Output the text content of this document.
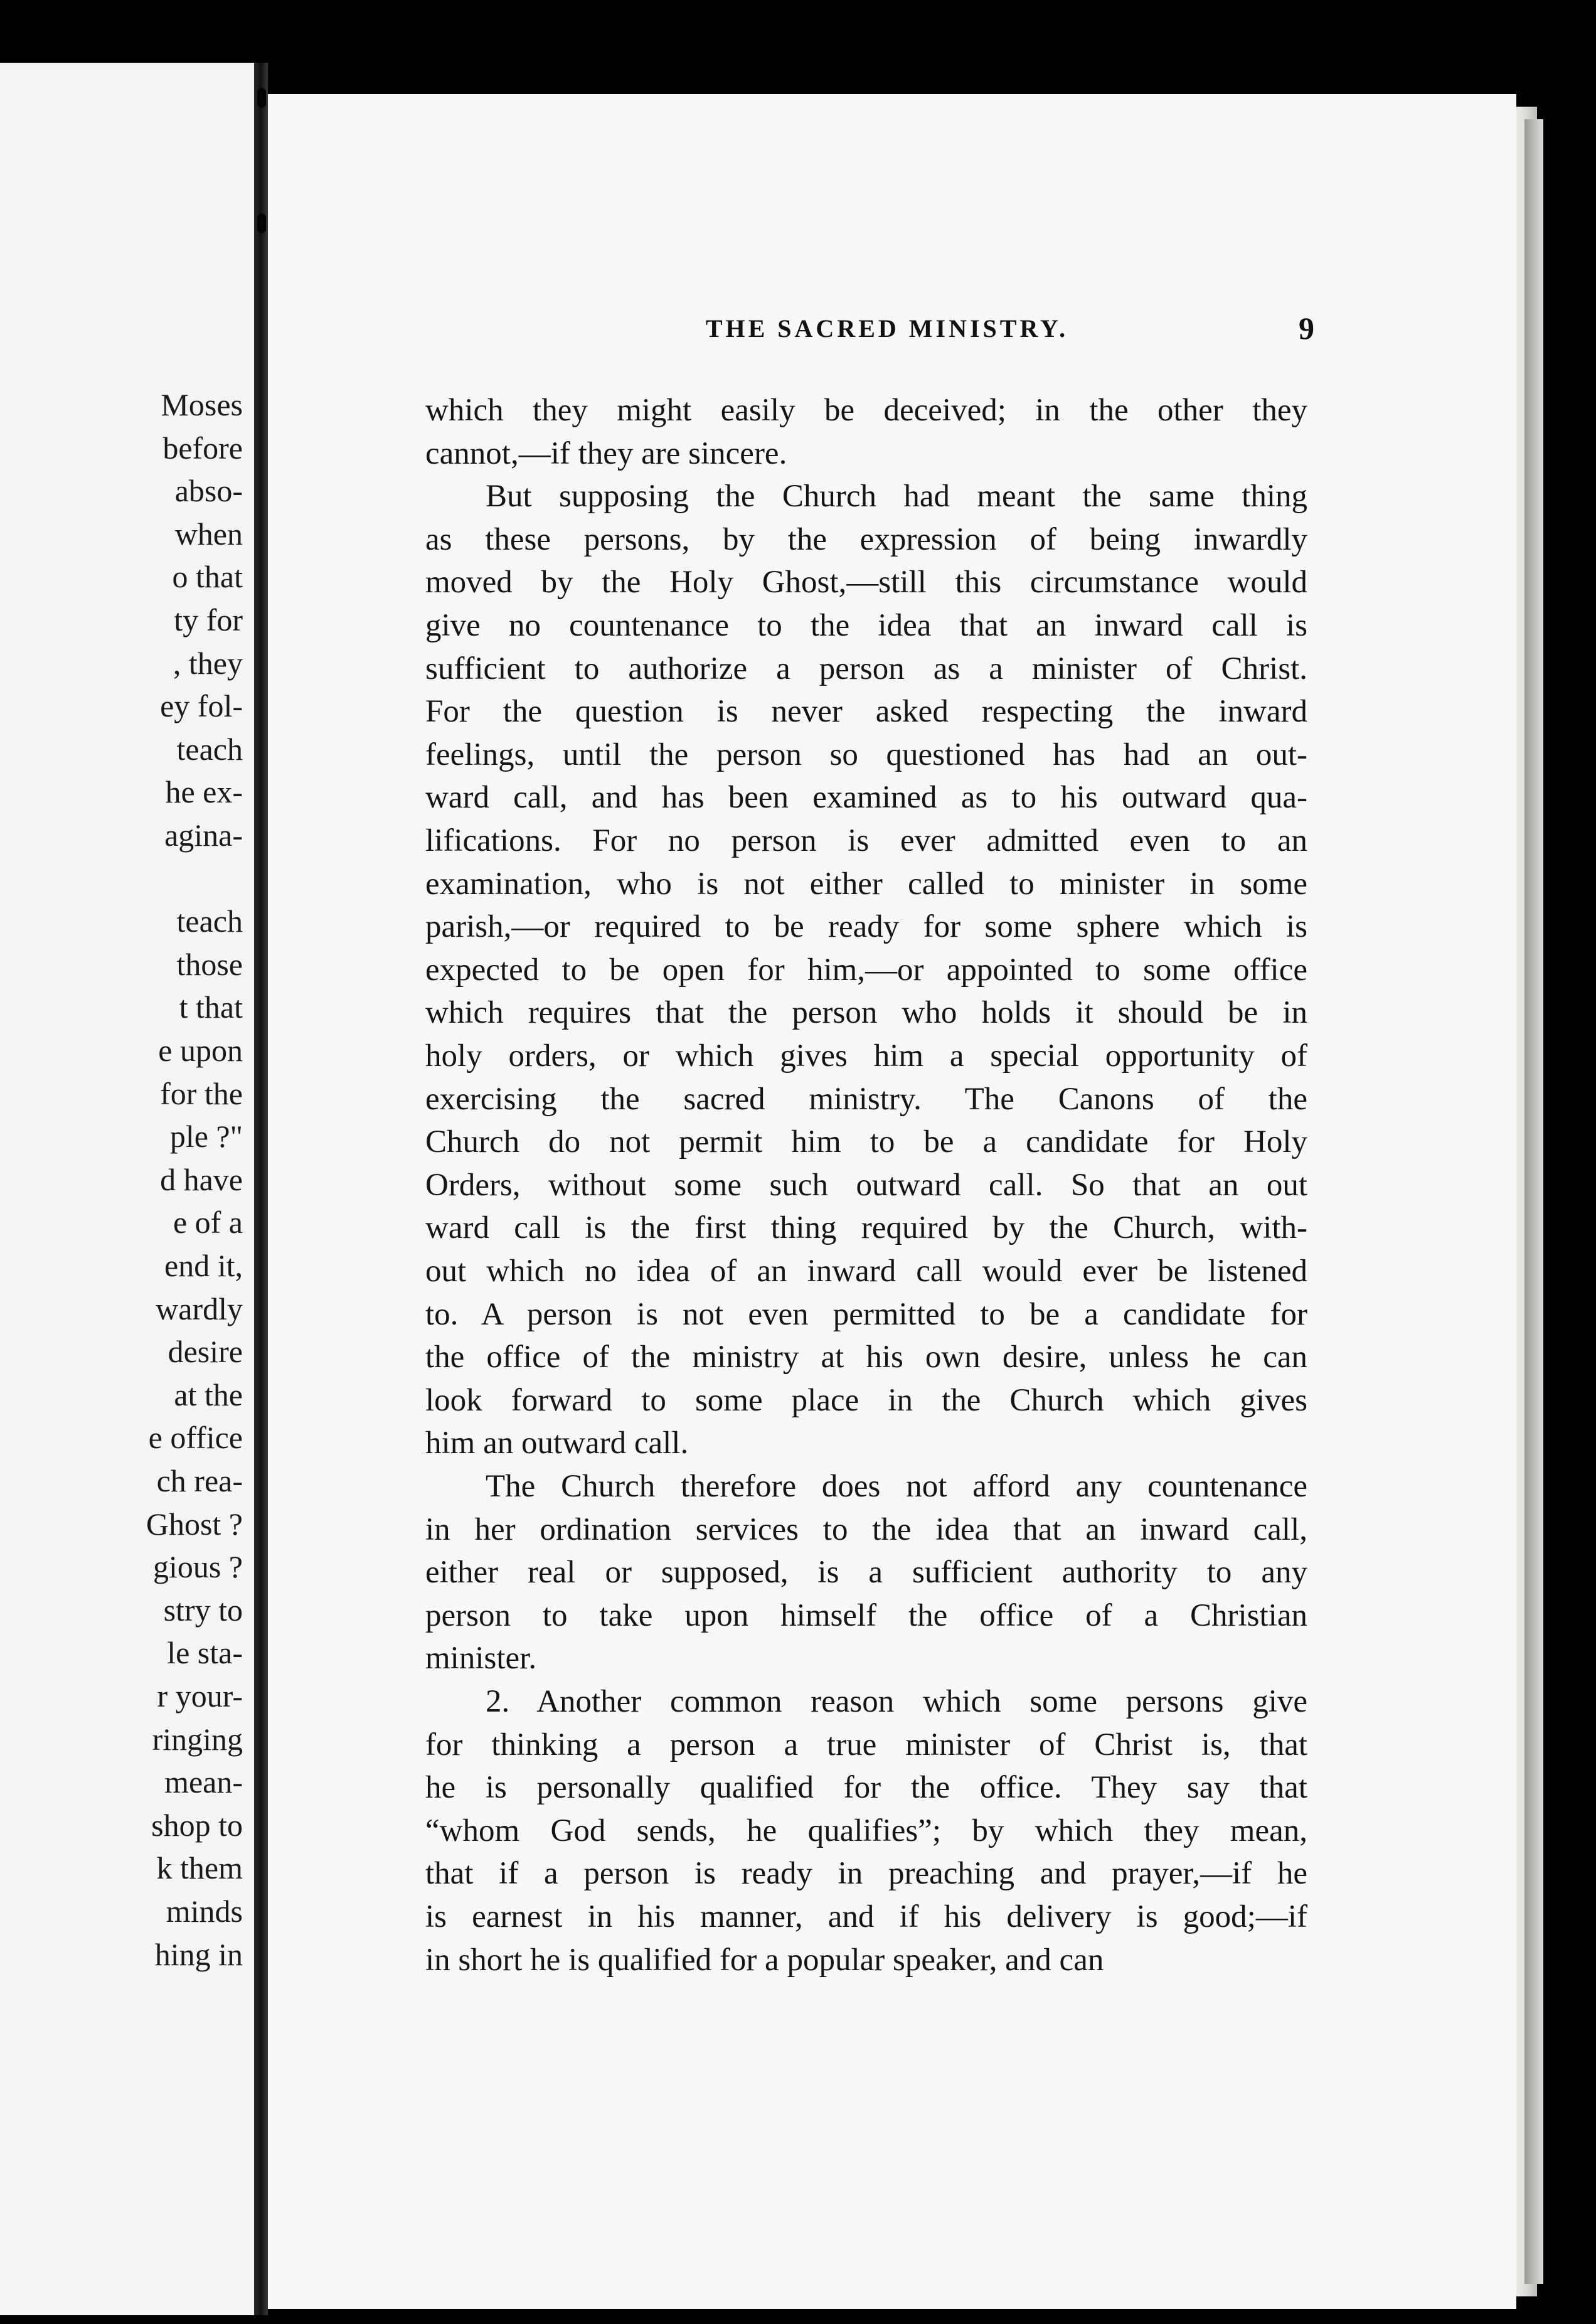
Moses
before
abso-
when
o that
ty for
, they
ey fol-
teach
he ex-
agina-
teach
those
t that
e upon
for the
ple ?"
d have
e of a
end it,
wardly
desire
at the
e office
ch rea-
Ghost ?
gious ?
stry to
le sta-
r your-
ringing
mean-
shop to
k them
minds
hing in
THE SACRED MINISTRY.	9
which they might easily be deceived; in the other they
cannot,—if they are sincere.
But supposing the Church had meant the same thing
as these persons, by the expression of being inwardly
moved by the Holy Ghost,—still this circumstance would
give no countenance to the idea that an inward call is
sufficient to authorize a person as a minister of Christ.
For the question is never asked respecting the inward
feelings, until the person so questioned has had an out-
ward call, and has been examined as to his outward qua-
lifications. For no person is ever admitted even to an
examination, who is not either called to minister in some
parish,—or required to be ready for some sphere which is
expected to be open for him,—or appointed to some office
which requires that the person who holds it should be in
holy orders, or which gives him a special opportunity of
exercising the sacred ministry. The Canons of the
Church do not permit him to be a candidate for Holy
Orders, without some such outward call. So that an out
ward call is the first thing required by the Church, with-
out which no idea of an inward call would ever be listened
to. A person is not even permitted to be a candidate for
the office of the ministry at his own desire, unless he can
look forward to some place in the Church which gives
him an outward call.
The Church therefore does not afford any countenance
in her ordination services to the idea that an inward call,
either real or supposed, is a sufficient authority to any
person to take upon himself the office of a Christian
minister.
2. Another common reason which some persons give
for thinking a person a true minister of Christ is, that
he is personally qualified for the office. They say that
“whom God sends, he qualifies”; by which they mean,
that if a person is ready in preaching and prayer,—if he
is earnest in his manner, and if his delivery is good;—if
in short he is qualified for a popular speaker, and can
